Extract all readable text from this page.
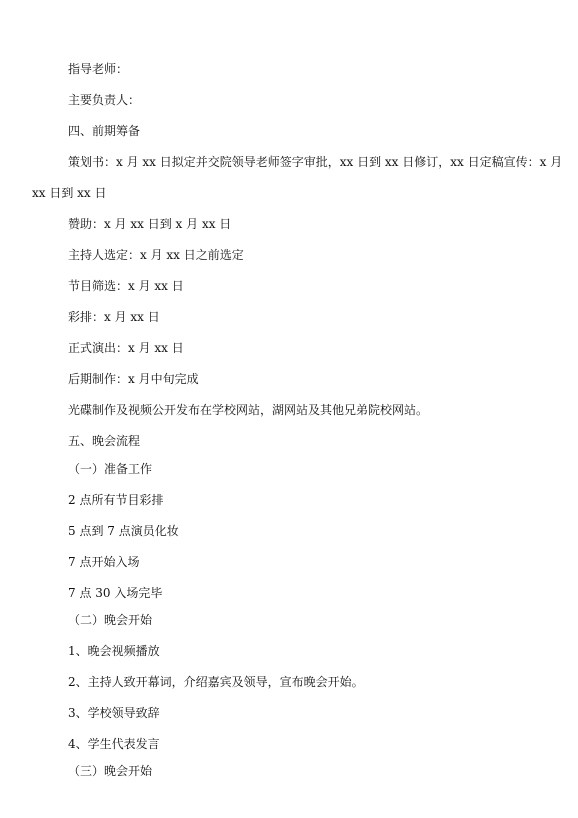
指导老师：
主要负责人：
四、前期筹备
策划书：x 月 xx 日拟定并交院领导老师签字审批，xx 日到 xx 日修订，xx 日定稿宣传：x 月
xx 日到 xx 日
赞助：x 月 xx 日到 x 月 xx 日
主持人选定：x 月 xx 日之前选定
节目筛选：x 月 xx 日
彩排：x 月 xx 日
正式演出：x 月 xx 日
后期制作：x 月中旬完成
光碟制作及视频公开发布在学校网站，湖网站及其他兄弟院校网站。
五、晚会流程
（一）准备工作
2 点所有节目彩排
5 点到 7 点演员化妆
7 点开始入场
7 点 30 入场完毕
（二）晚会开始
1、晚会视频播放
2、主持人致开幕词，介绍嘉宾及领导，宣布晚会开始。
3、学校领导致辞
4、学生代表发言
（三）晚会开始
